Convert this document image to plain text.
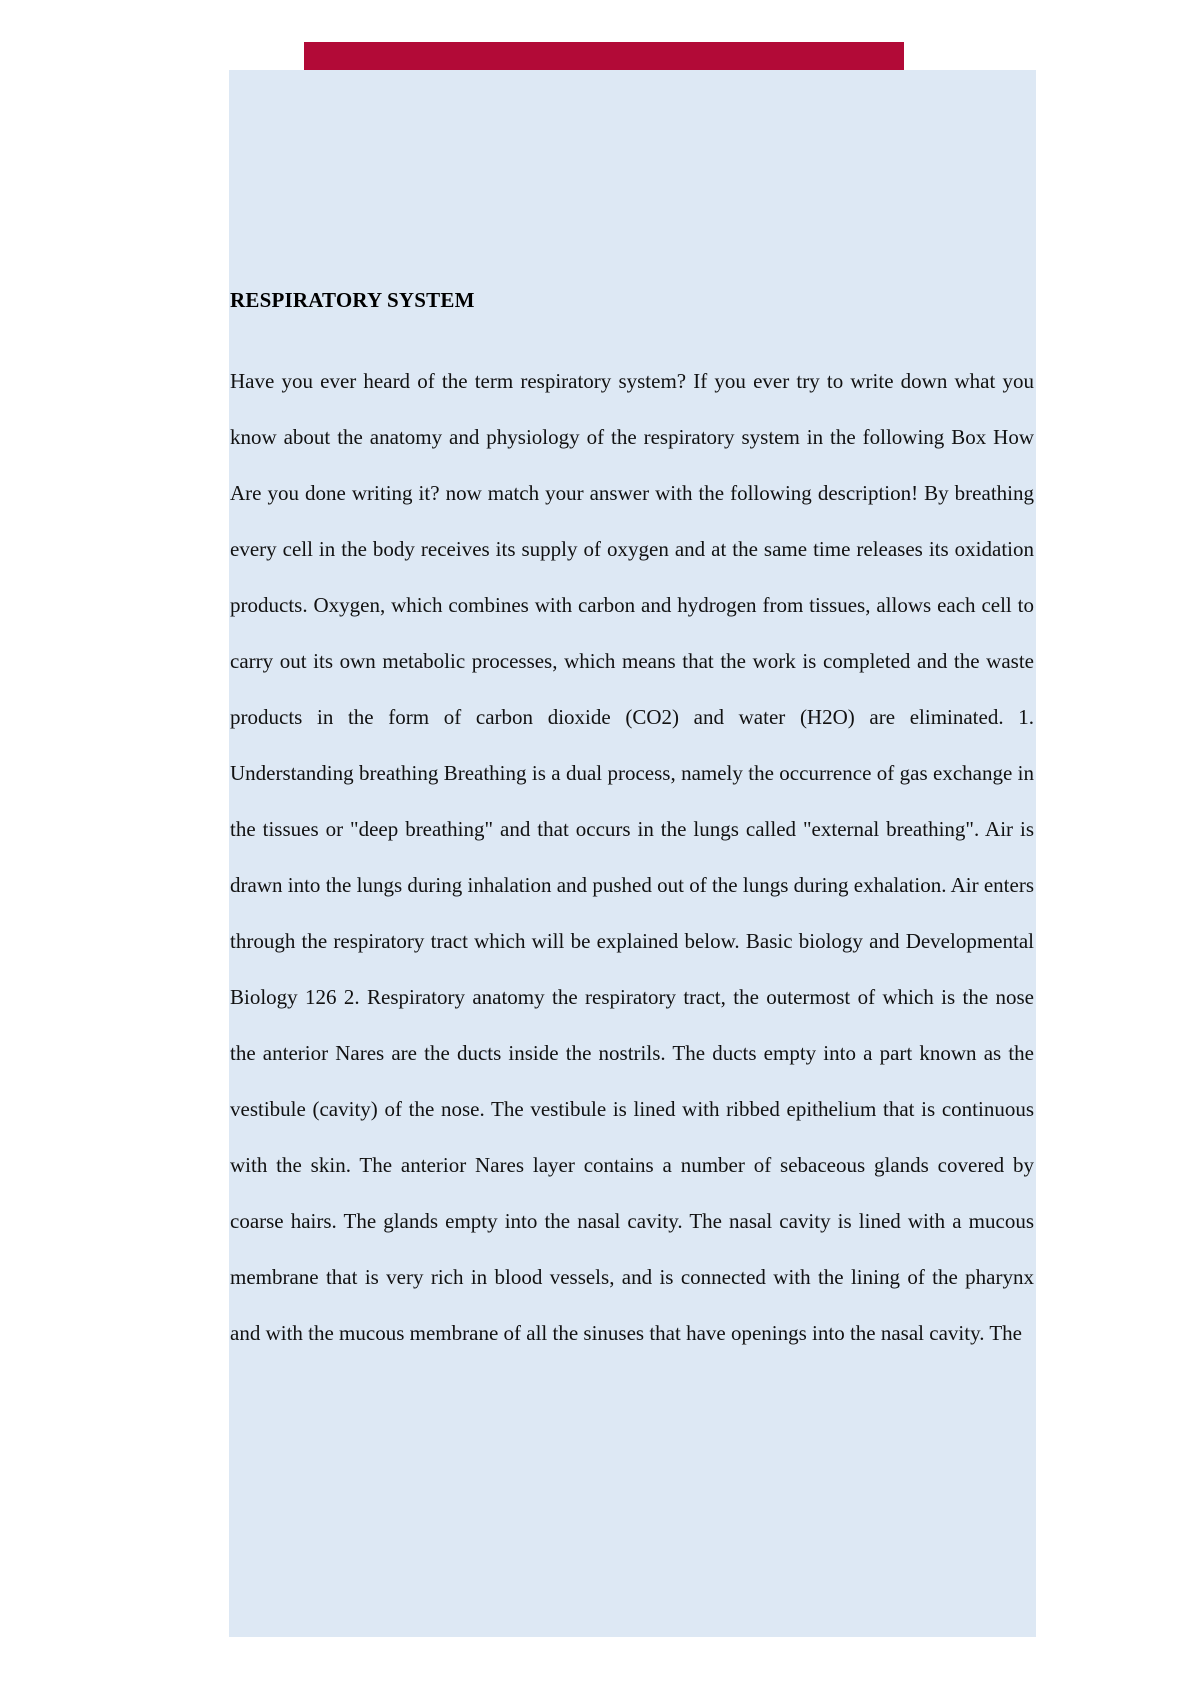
RESPIRATORY SYSTEM

Have you ever heard of the term respiratory system? If you ever try to write down what you know about the anatomy and physiology of the respiratory system in the following Box How Are you done writing it? now match your answer with the following description! By breathing every cell in the body receives its supply of oxygen and at the same time releases its oxidation products. Oxygen, which combines with carbon and hydrogen from tissues, allows each cell to carry out its own metabolic processes, which means that the work is completed and the waste products in the form of carbon dioxide (CO2) and water (H2O) are eliminated. 1. Understanding breathing Breathing is a dual process, namely the occurrence of gas exchange in the tissues or "deep breathing" and that occurs in the lungs called "external breathing". Air is drawn into the lungs during inhalation and pushed out of the lungs during exhalation. Air enters through the respiratory tract which will be explained below. Basic biology and Developmental Biology 126 2. Respiratory anatomy the respiratory tract, the outermost of which is the nose the anterior Nares are the ducts inside the nostrils. The ducts empty into a part known as the vestibule (cavity) of the nose. The vestibule is lined with ribbed epithelium that is continuous with the skin. The anterior Nares layer contains a number of sebaceous glands covered by coarse hairs. The glands empty into the nasal cavity. The nasal cavity is lined with a mucous membrane that is very rich in blood vessels, and is connected with the lining of the pharynx and with the mucous membrane of all the sinuses that have openings into the nasal cavity. The
